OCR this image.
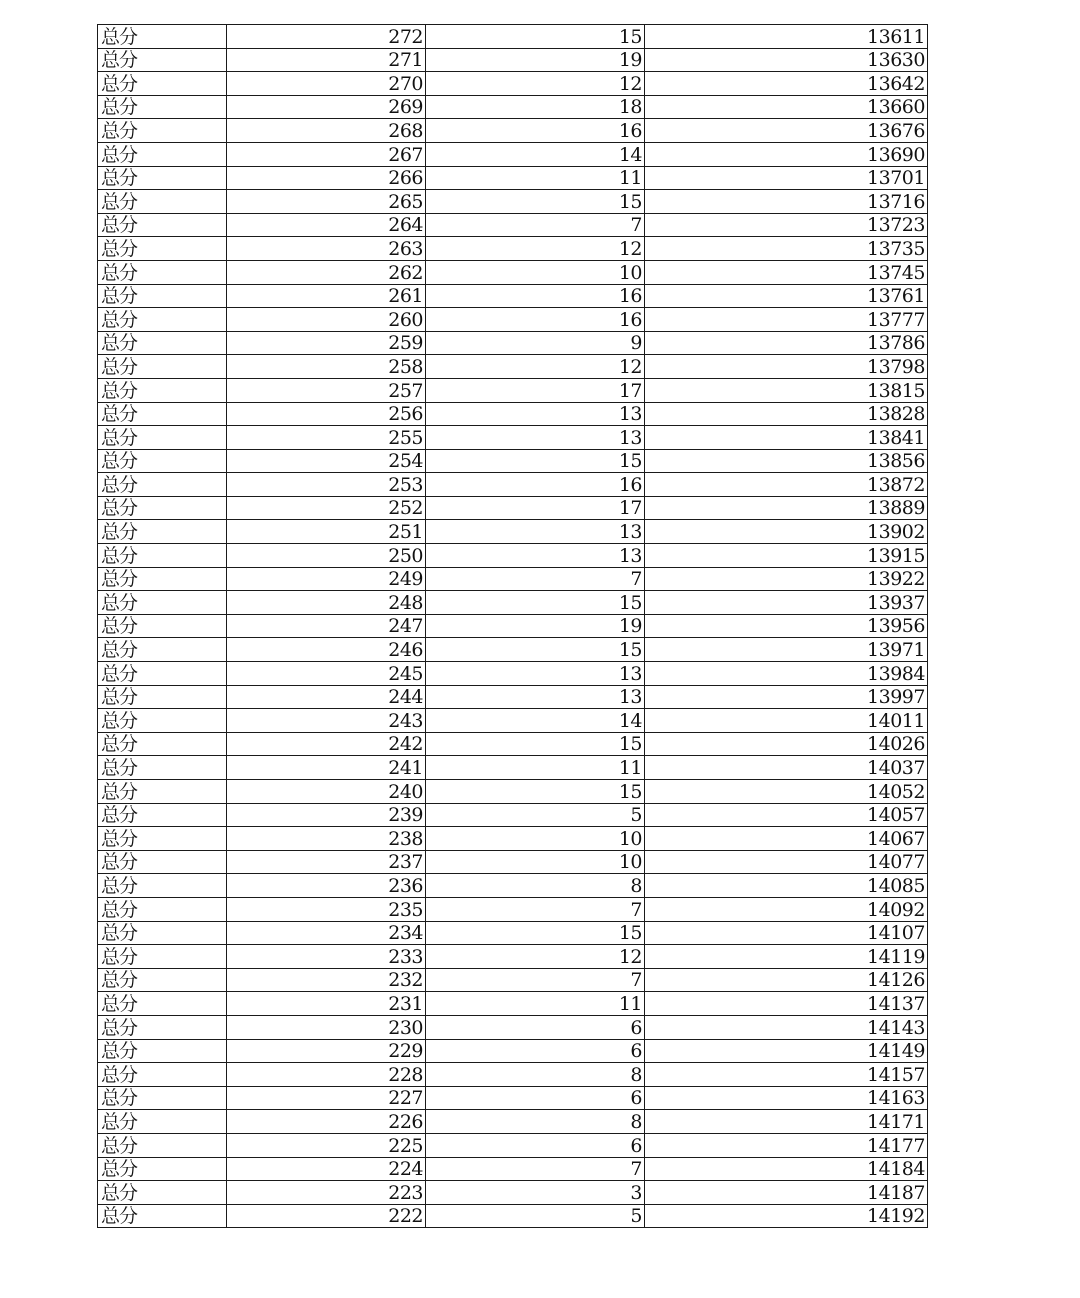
总分	272	15	13611
总分	271	19	13630
总分	270	12	13642
总分	269	18	13660
总分	268	16	13676
总分	267	14	13690
总分	266	11	13701
总分	265	15	13716
总分	264	7	13723
总分	263	12	13735
总分	262	10	13745
总分	261	16	13761
总分	260	16	13777
总分	259	9	13786
总分	258	12	13798
总分	257	17	13815
总分	256	13	13828
总分	255	13	13841
总分	254	15	13856
总分	253	16	13872
总分	252	17	13889
总分	251	13	13902
总分	250	13	13915
总分	249	7	13922
总分	248	15	13937
总分	247	19	13956
总分	246	15	13971
总分	245	13	13984
总分	244	13	13997
总分	243	14	14011
总分	242	15	14026
总分	241	11	14037
总分	240	15	14052
总分	239	5	14057
总分	238	10	14067
总分	237	10	14077
总分	236	8	14085
总分	235	7	14092
总分	234	15	14107
总分	233	12	14119
总分	232	7	14126
总分	231	11	14137
总分	230	6	14143
总分	229	6	14149
总分	228	8	14157
总分	227	6	14163
总分	226	8	14171
总分	225	6	14177
总分	224	7	14184
总分	223	3	14187
总分	222	5	14192
